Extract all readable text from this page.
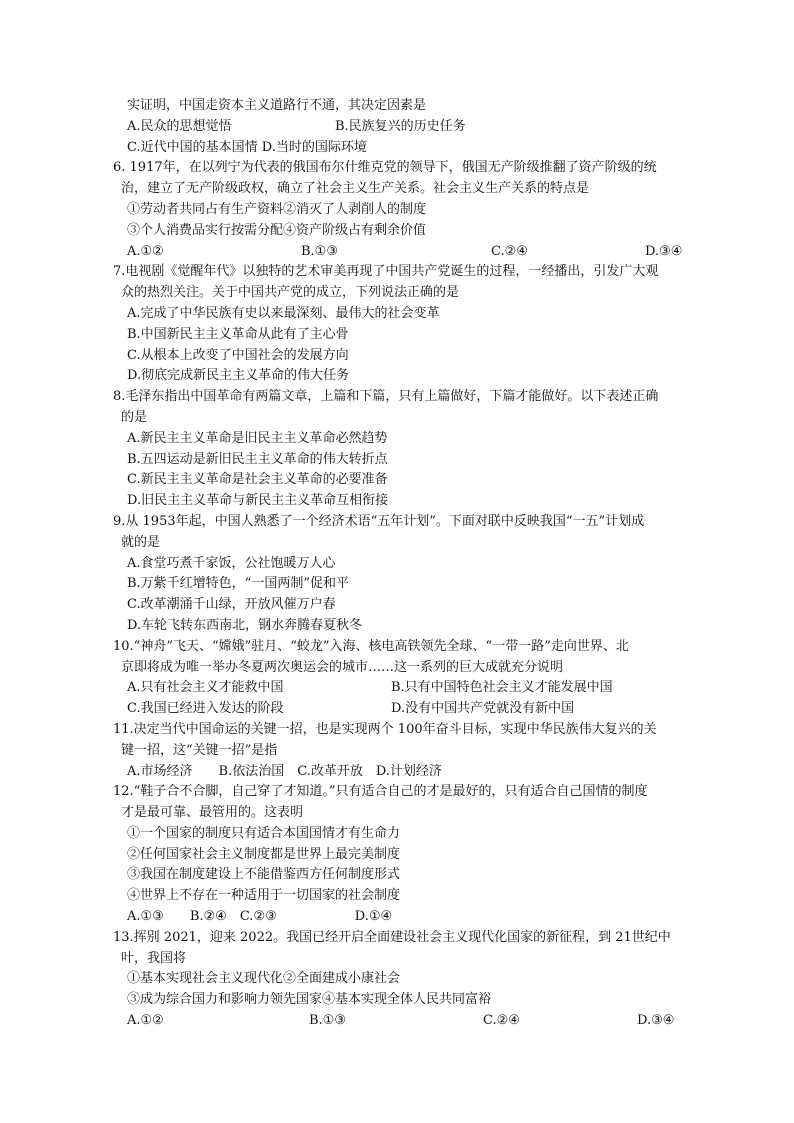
实证明，中国走资本主义道路行不通，其决定因素是
A.民众的思想觉悟	B.民族复兴的历史任务
C.近代中国的基本国情 D.当时的国际环境
6. 1917年，在以列宁为代表的俄国布尔什维克党的领导下，俄国无产阶级推翻了资产阶级的统
治，建立了无产阶级政权，确立了社会主义生产关系。社会主义生产关系的特点是
①劳动者共同占有生产资料②消灭了人剥削人的制度
③个人消费品实行按需分配④资产阶级占有剩余价值
A.①②	B.①③	C.②④	D.③④
7.电视剧《觉醒年代》以独特的艺术审美再现了中国共产党诞生的过程，一经播出，引发广大观
众的热烈关注。关于中国共产党的成立，下列说法正确的是
A.完成了中华民族有史以来最深刻、最伟大的社会变革
B.中国新民主主义革命从此有了主心骨
C.从根本上改变了中国社会的发展方向
D.彻底完成新民主主义革命的伟大任务
8.毛泽东指出中国革命有两篇文章，上篇和下篇，只有上篇做好，下篇才能做好。以下表述正确
的是
A.新民主主义革命是旧民主主义革命必然趋势
B.五四运动是新旧民主主义革命的伟大转折点
C.新民主主义革命是社会主义革命的必要准备
D.旧民主主义革命与新民主主义革命互相衔接
9.从 1953年起，中国人熟悉了一个经济术语“五年计划”。下面对联中反映我国“一五”计划成
就的是
A.食堂巧煮千家饭，公社饱暖万人心
B.万紫千红增特色，“一国两制”促和平
C.改革潮涌千山绿，开放风催万户春
D.车轮飞转东西南北，钢水奔腾春夏秋冬
10.“神舟”飞天、“嫦娥”驻月、“蛟龙”入海、核电高铁领先全球、“一带一路”走向世界、北
京即将成为唯一举办冬夏两次奥运会的城市……这一系列的巨大成就充分说明
A.只有社会主义才能救中国	B.只有中国特色社会主义才能发展中国
C.我国已经进入发达的阶段	D.没有中国共产党就没有新中国
11.决定当代中国命运的关键一招，也是实现两个 100年奋斗目标，实现中华民族伟大复兴的关
键一招，这“关键一招”是指
A.市场经济　　B.依法治国　C.改革开放　D.计划经济
12.“鞋子合不合脚，自己穿了才知道。”只有适合自己的才是最好的，只有适合自己国情的制度
才是最可靠、最管用的。这表明
①一个国家的制度只有适合本国国情才有生命力
②任何国家社会主义制度都是世界上最完美制度
③我国在制度建设上不能借鉴西方任何制度形式
④世界上不存在一种适用于一切国家的社会制度
A.①③　　B.②④　C.②③　　　　　　D.①④
13.挥别 2021，迎来 2022。我国已经开启全面建设社会主义现代化国家的新征程，到 21世纪中
叶，我国将
①基本实现社会主义现代化②全面建成小康社会
③成为综合国力和影响力领先国家④基本实现全体人民共同富裕
A.①②	B.①③	C.②④	D.③④
